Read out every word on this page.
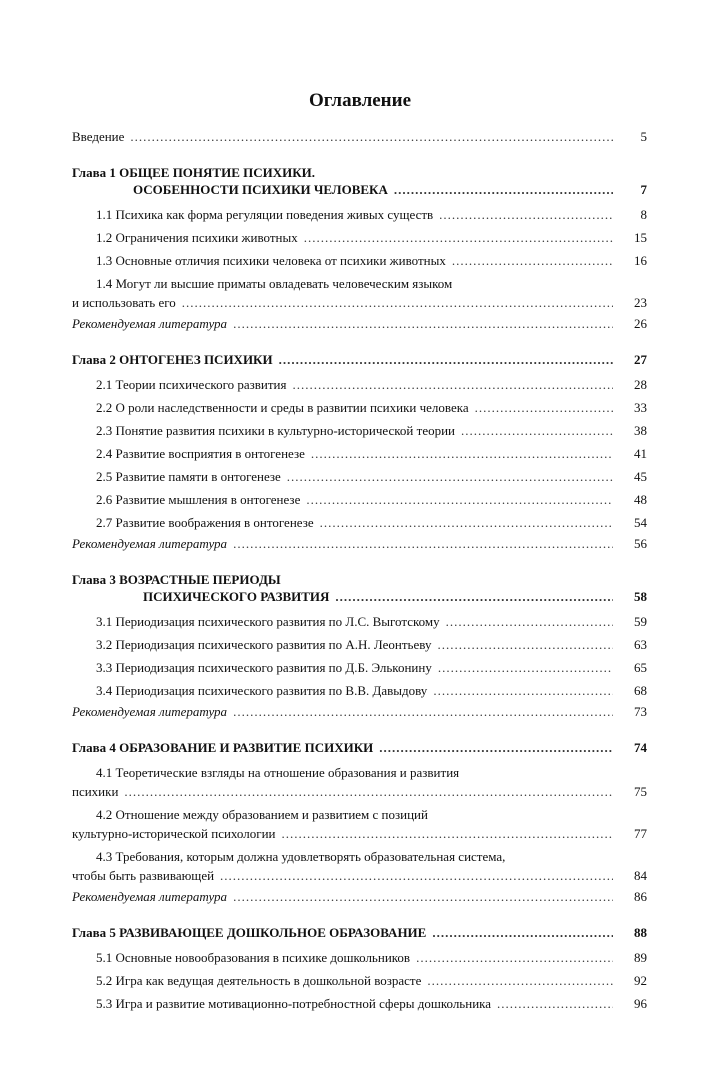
Оглавление
Введение .....	5
Глава 1 ОБЩЕЕ ПОНЯТИЕ ПСИХИКИ.
ОСОБЕННОСТИ ПСИХИКИ ЧЕЛОВЕКА .....	7
1.1 Психика как форма регуляции поведения живых существ .....	8
1.2 Ограничения психики животных .....	15
1.3 Основные отличия психики человека от психики животных .....	16
1.4 Могут ли высшие приматы овладевать человеческим языком
и использовать его .....	23
Рекомендуемая литература .....	26
Глава 2 ОНТОГЕНЕЗ ПСИХИКИ .....	27
2.1 Теории психического развития .....	28
2.2 О роли наследственности и среды в развитии психики человека .....	33
2.3 Понятие развития психики в культурно-исторической теории .....	38
2.4 Развитие восприятия в онтогенезе .....	41
2.5 Развитие памяти в онтогенезе .....	45
2.6 Развитие мышления в онтогенезе .....	48
2.7 Развитие воображения в онтогенезе .....	54
Рекомендуемая литература .....	56
Глава 3 ВОЗРАСТНЫЕ ПЕРИОДЫ
ПСИХИЧЕСКОГО РАЗВИТИЯ .....	58
3.1 Периодизация психического развития по Л.С. Выготскому .....	59
3.2 Периодизация психического развития по А.Н. Леонтьеву .....	63
3.3 Периодизация психического развития по Д.Б. Эльконину .....	65
3.4 Периодизация психического развития по В.В. Давыдову .....	68
Рекомендуемая литература .....	73
Глава 4 ОБРАЗОВАНИЕ И РАЗВИТИЕ ПСИХИКИ .....	74
4.1 Теоретические взгляды на отношение образования и развития
психики .....	75
4.2 Отношение между образованием и развитием с позиций
культурно-исторической психологии .....	77
4.3 Требования, которым должна удовлетворять образовательная система,
чтобы быть развивающей .....	84
Рекомендуемая литература .....	86
Глава 5 РАЗВИВАЮЩЕЕ ДОШКОЛЬНОЕ ОБРАЗОВАНИЕ .....	88
5.1 Основные новообразования в психике дошкольников .....	89
5.2 Игра как ведущая деятельность в дошкольной возрасте .....	92
5.3 Игра и развитие мотивационно-потребностной сферы дошкольника .....	96
